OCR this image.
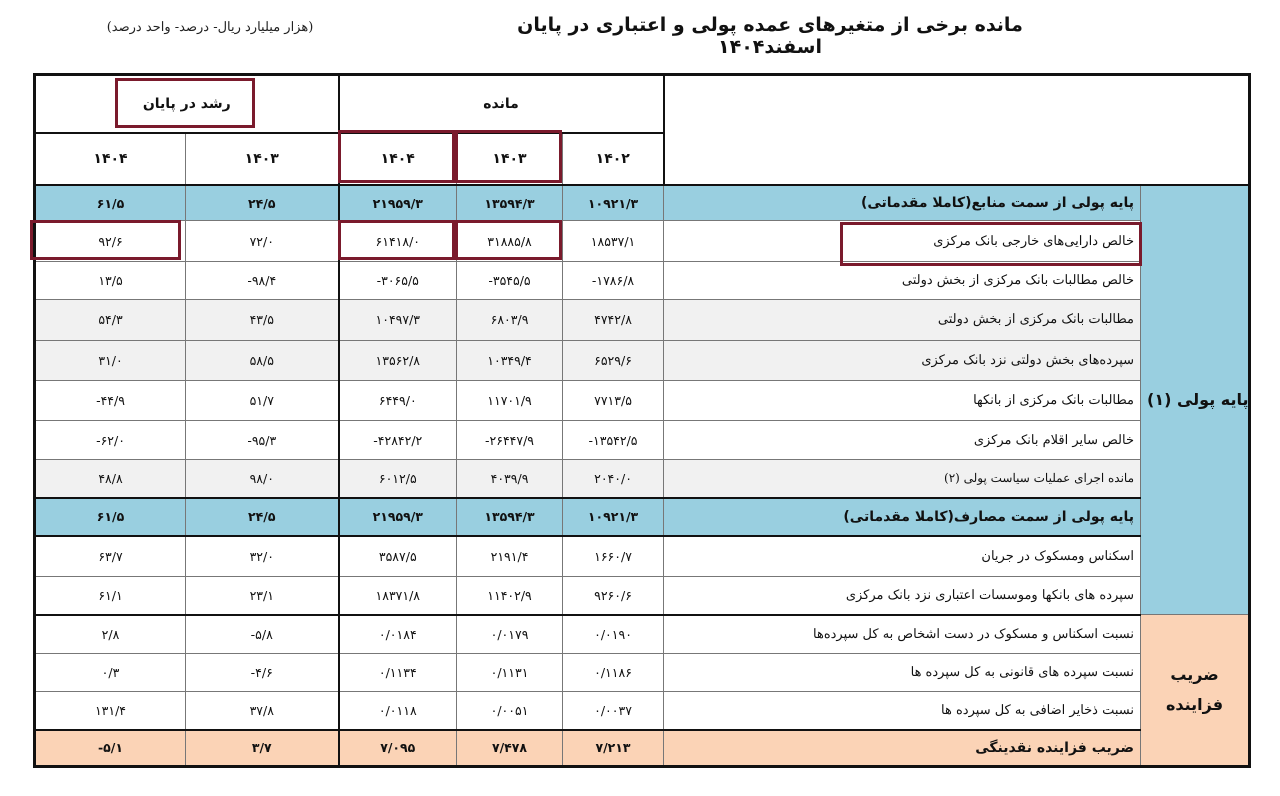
مانده برخی از متغیرهای عمده پولی و اعتباری در پایان اسفند۱۴۰۴
(هزار میلیارد ریال- درصد- واحد درصد)
رشد در پایان		مانده				
۱۴۰۴	۱۴۰۳	۱۴۰۴	۱۴۰۳	۱۴۰۲		
۶۱/۵	۲۴/۵	۲۱۹۵۹/۳	۱۳۵۹۴/۳	۱۰۹۲۱/۳	پایه پولی از سمت منابع(کاملا مقدماتی)	پایه پولی (۱)
۹۲/۶	۷۲/۰	۶۱۴۱۸/۰	۳۱۸۸۵/۸	۱۸۵۳۷/۱	خالص دارایی‌های خارجی بانک مرکزی	
۱۳/۵	-۹۸/۴	-۳۰۶۵/۵	-۳۵۴۵/۵	-۱۷۸۶/۸	خالص مطالبات بانک مرکزی از بخش دولتی	
۵۴/۳	۴۳/۵	۱۰۴۹۷/۳	۶۸۰۳/۹	۴۷۴۲/۸	مطالبات بانک مرکزی از بخش دولتی	
۳۱/۰	۵۸/۵	۱۳۵۶۲/۸	۱۰۳۴۹/۴	۶۵۲۹/۶	سپرده‌های بخش دولتی نزد بانک مرکزی	
-۴۴/۹	۵۱/۷	۶۴۴۹/۰	۱۱۷۰۱/۹	۷۷۱۳/۵	مطالبات بانک مرکزی از بانکها	
-۶۲/۰	-۹۵/۳	-۴۲۸۴۲/۲	-۲۶۴۴۷/۹	-۱۳۵۴۲/۵	خالص سایر اقلام بانک مرکزی	
۴۸/۸	۹۸/۰	۶۰۱۲/۵	۴۰۳۹/۹	۲۰۴۰/۰	مانده اجرای عملیات سیاست پولی (۲)	
۶۱/۵	۲۴/۵	۲۱۹۵۹/۳	۱۳۵۹۴/۳	۱۰۹۲۱/۳	پایه پولی از سمت مصارف(کاملا مقدماتی)	
۶۳/۷	۳۲/۰	۳۵۸۷/۵	۲۱۹۱/۴	۱۶۶۰/۷	اسکناس ومسکوک در جریان	
۶۱/۱	۲۳/۱	۱۸۳۷۱/۸	۱۱۴۰۲/۹	۹۲۶۰/۶	سپرده های بانکها وموسسات اعتباری نزد بانک مرکزی	
۲/۸	-۵/۸	۰/۰۱۸۴	۰/۰۱۷۹	۰/۰۱۹۰	نسبت اسکناس و مسکوک در دست اشخاص به کل سپرده‌ها	ضریب
فزاینده
۰/۳	-۴/۶	۰/۱۱۳۴	۰/۱۱۳۱	۰/۱۱۸۶	نسبت سپرده های قانونی به کل سپرده ها	
۱۳۱/۴	۳۷/۸	۰/۰۱۱۸	۰/۰۰۵۱	۰/۰۰۳۷	نسبت ذخایر اضافی به کل سپرده ها	
-۵/۱	۳/۷	۷/۰۹۵	۷/۴۷۸	۷/۲۱۳	ضریب فزاینده نقدینگی	
